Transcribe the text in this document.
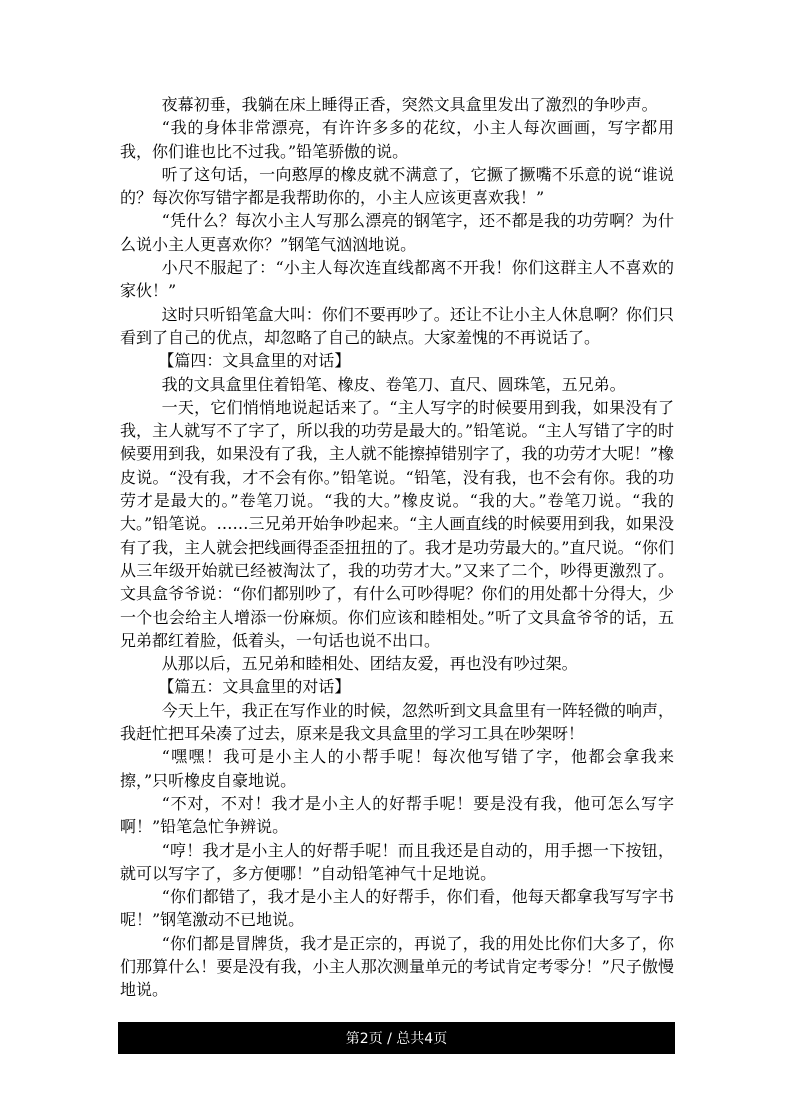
夜幕初垂，我躺在床上睡得正香，突然文具盒里发出了激烈的争吵声。

“我的身体非常漂亮，有许许多多的花纹，小主人每次画画，写字都用我，你们谁也比不过我。”铅笔骄傲的说。

听了这句话，一向憨厚的橡皮就不满意了，它撅了撅嘴不乐意的说“谁说的？每次你写错字都是我帮助你的，小主人应该更喜欢我！”

“凭什么？每次小主人写那么漂亮的钢笔字，还不都是我的功劳啊？为什么说小主人更喜欢你？”钢笔气汹汹地说。

小尺不服起了：“小主人每次连直线都离不开我！你们这群主人不喜欢的家伙！”

这时只听铅笔盒大叫：你们不要再吵了。还让不让小主人休息啊？你们只看到了自己的优点，却忽略了自己的缺点。大家羞愧的不再说话了。

【篇四：文具盒里的对话】

我的文具盒里住着铅笔、橡皮、卷笔刀、直尺、圆珠笔，五兄弟。

一天，它们悄悄地说起话来了。“主人写字的时候要用到我，如果没有了我，主人就写不了字了，所以我的功劳是最大的。”铅笔说。“主人写错了字的时候要用到我，如果没有了我，主人就不能擦掉错别字了，我的功劳才大呢！”橡皮说。“没有我，才不会有你。”铅笔说。“铅笔，没有我，也不会有你。我的功劳才是最大的。”卷笔刀说。“我的大。”橡皮说。“我的大。”卷笔刀说。“我的大。”铅笔说。……三兄弟开始争吵起来。“主人画直线的时候要用到我，如果没有了我，主人就会把线画得歪歪扭扭的了。我才是功劳最大的。”直尺说。“你们从三年级开始就已经被淘汰了，我的功劳才大。”又来了二个，吵得更激烈了。文具盒爷爷说：“你们都别吵了，有什么可吵得呢？你们的用处都十分得大，少一个也会给主人增添一份麻烦。你们应该和睦相处。”听了文具盒爷爷的话，五兄弟都红着脸，低着头，一句话也说不出口。

从那以后，五兄弟和睦相处、团结友爱，再也没有吵过架。

【篇五：文具盒里的对话】

今天上午，我正在写作业的时候，忽然听到文具盒里有一阵轻微的响声，我赶忙把耳朵凑了过去，原来是我文具盒里的学习工具在吵架呀！

“嘿嘿！我可是小主人的小帮手呢！每次他写错了字，他都会拿我来擦，”只听橡皮自豪地说。

“不对，不对！我才是小主人的好帮手呢！要是没有我，他可怎么写字啊！”铅笔急忙争辨说。

“哼！我才是小主人的好帮手呢！而且我还是自动的，用手摁一下按钮，就可以写字了，多方便哪！”自动铅笔神气十足地说。

“你们都错了，我才是小主人的好帮手，你们看，他每天都拿我写写字书呢！”钢笔激动不已地说。

“你们都是冒牌货，我才是正宗的，再说了，我的用处比你们大多了，你们那算什么！要是没有我，小主人那次测量单元的考试肯定考零分！”尺子傲慢地说。

第2页 / 总共4页
